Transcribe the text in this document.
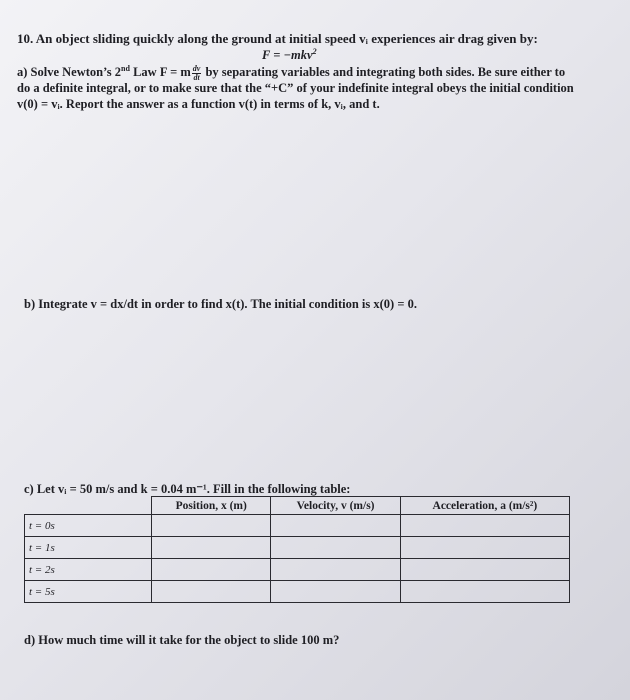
10. An object sliding quickly along the ground at initial speed vᵢ experiences air drag given by:
F = −mkv$^2$
a) Solve Newton’s 2nd Law F = m $\frac{dv}{dt}$ by separating variables and integrating both sides. Be sure either to
do a definite integral, or to make sure that the “+C” of your indefinite integral obeys the initial condition
v(0) = vᵢ. Report the answer as a function v(t) in terms of k, vᵢ, and t.
b) Integrate v = dx/dt in order to find x(t). The initial condition is x(0) = 0.
c) Let vᵢ = 50 m/s and k = 0.04 m⁻¹. Fill in the following table:
	Position, x (m)	Velocity, v (m/s)	Acceleration, a (m/s²)
t = 0s			
t = 1s			
t = 2s			
t = 5s			
d) How much time will it take for the object to slide 100 m?
